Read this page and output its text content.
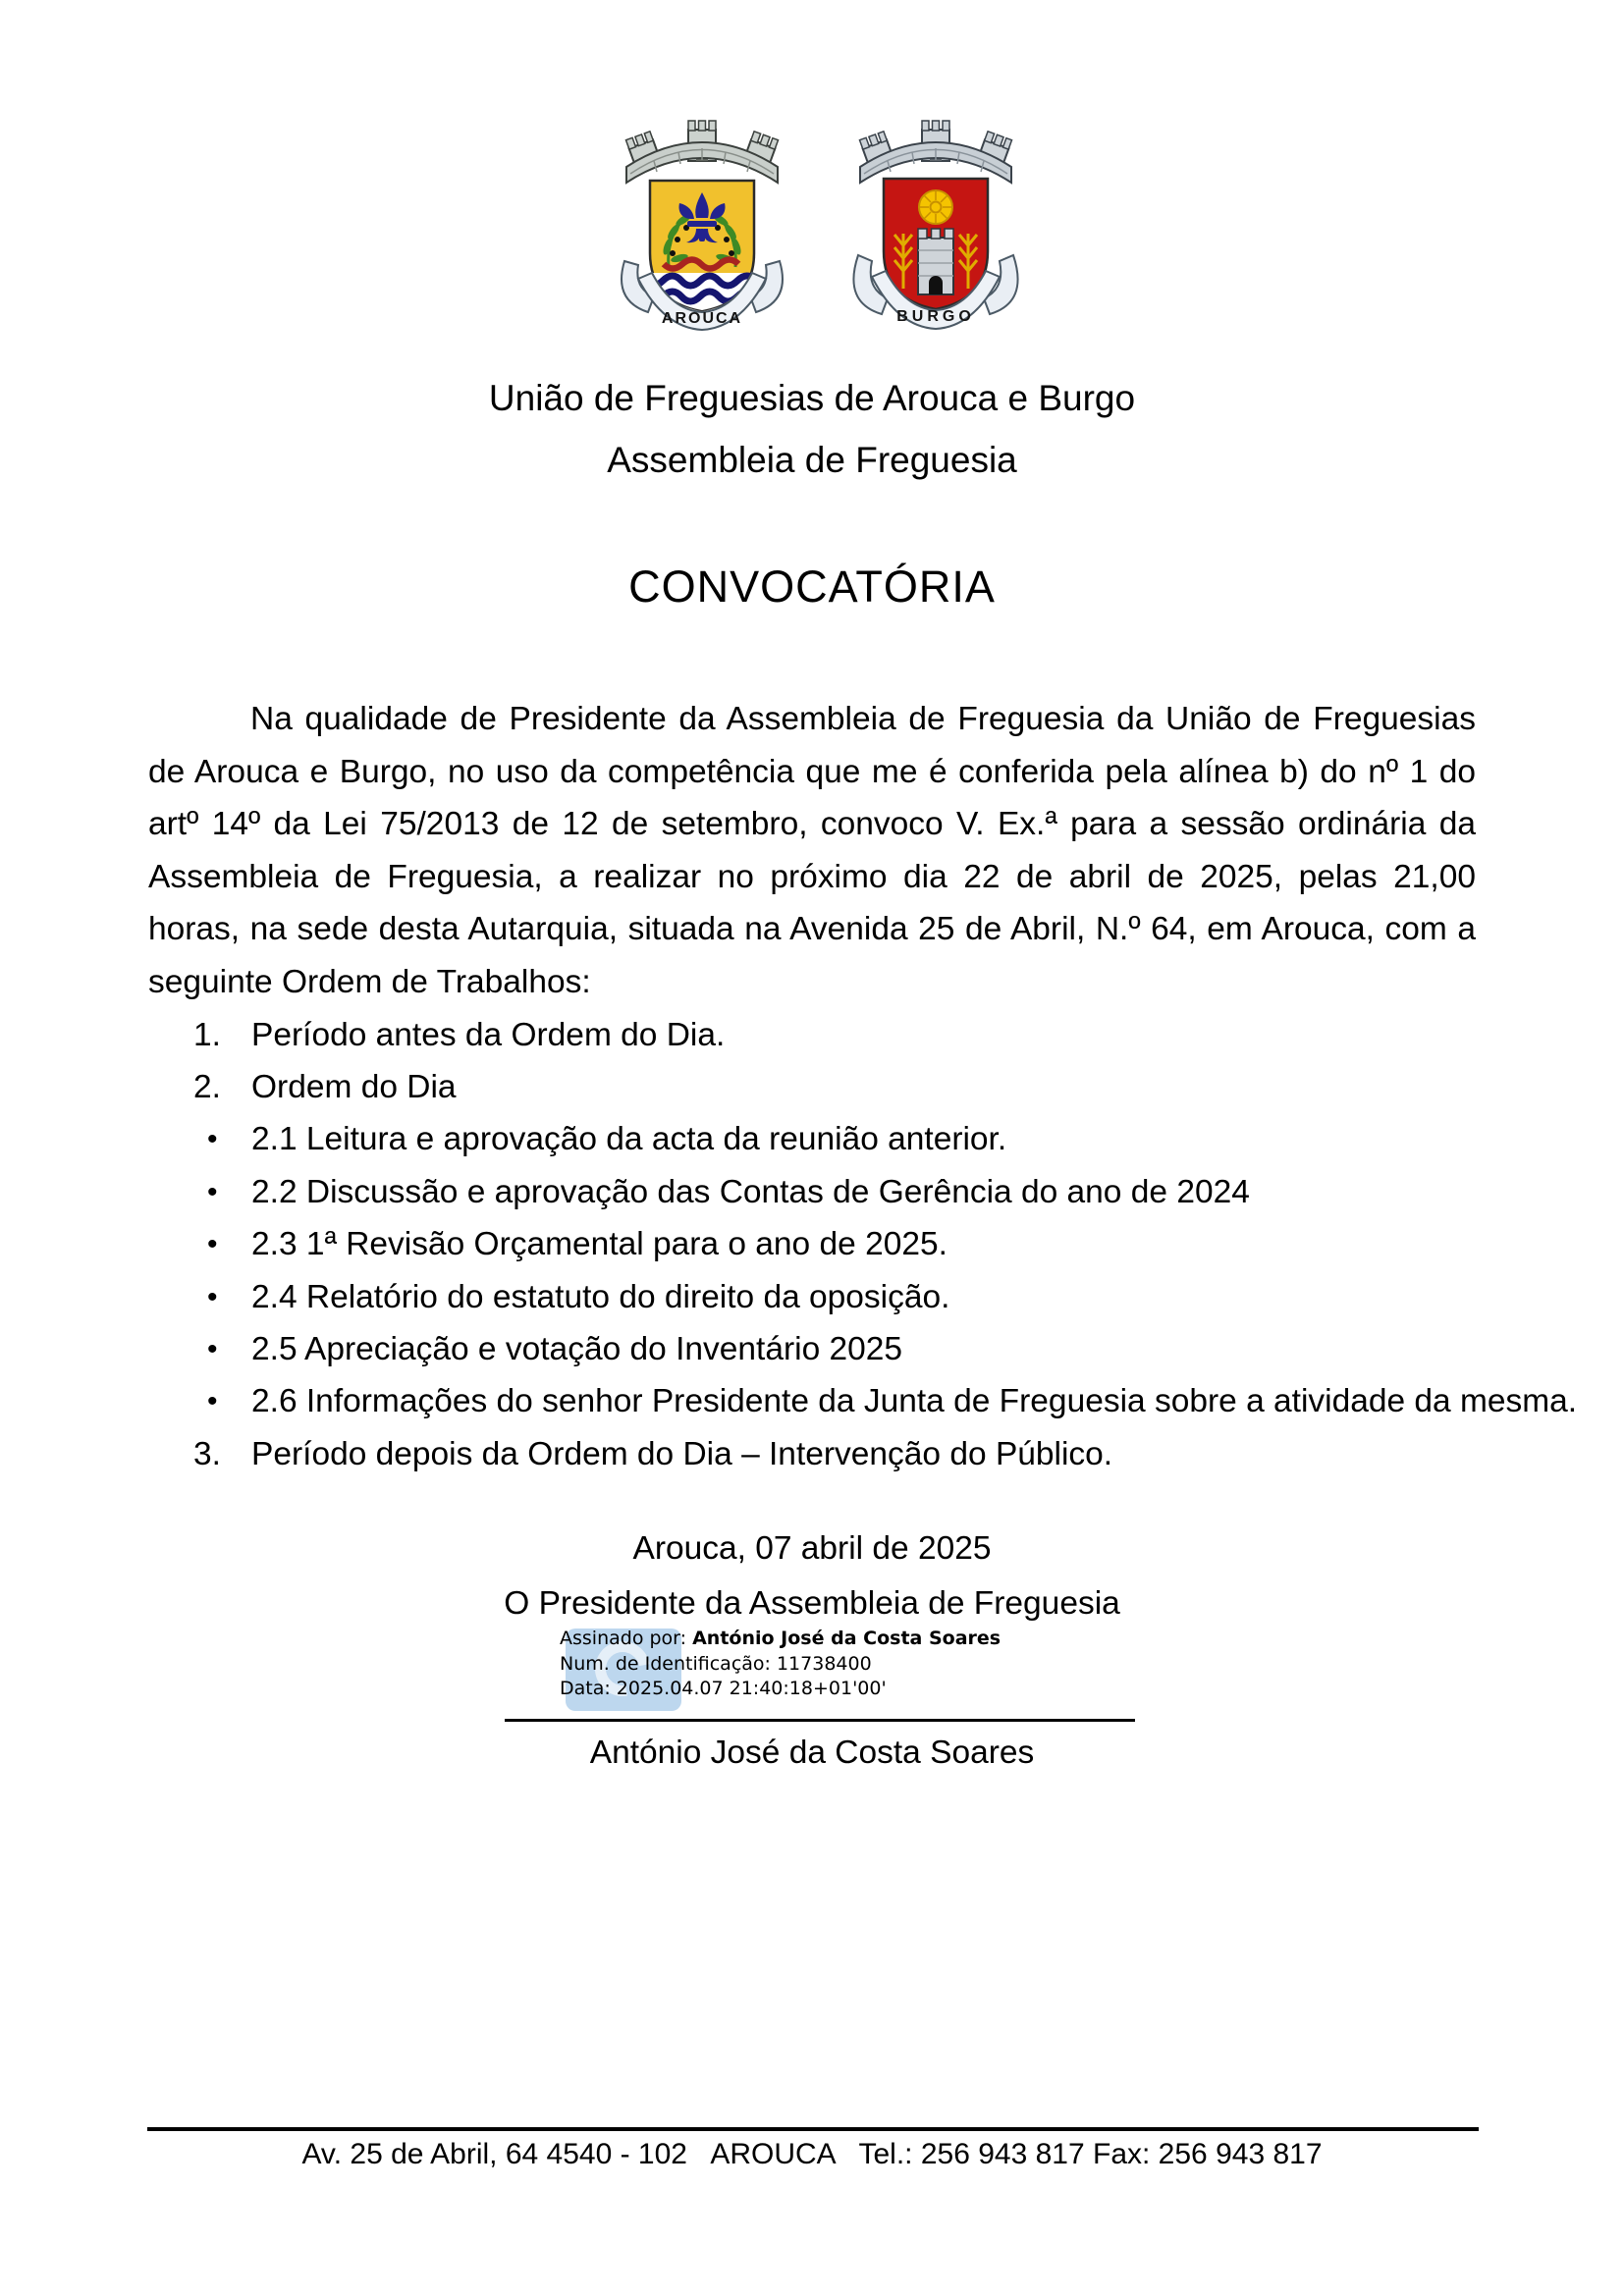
AROUCA	BURGO
União de Freguesias de Arouca e Burgo
Assembleia de Freguesia
CONVOCATÓRIA
Na qualidade de Presidente da Assembleia de Freguesia da União de Freguesias de Arouca e Burgo, no uso da competência que me é conferida pela alínea b) do nº 1 do artº 14º da Lei 75/2013 de 12 de setembro, convoco V. Ex.ª para a sessão ordinária da Assembleia de Freguesia, a realizar no próximo dia 22 de abril de 2025, pelas 21,00 horas, na sede desta Autarquia, situada na Avenida 25 de Abril, N.º 64, em Arouca, com a seguinte Ordem de Trabalhos:
1. Período antes da Ordem do Dia.
2. Ordem do Dia
•	2.1 Leitura e aprovação da acta da reunião anterior.
•	2.2 Discussão e aprovação das Contas de Gerência do ano de 2024
•	2.3 1ª Revisão Orçamental para o ano de 2025.
•	2.4 Relatório do estatuto do direito da oposição.
•	2.5 Apreciação e votação do Inventário 2025
•	2.6 Informações do senhor Presidente da Junta de Freguesia sobre a atividade da mesma.
3. Período depois da Ordem do Dia – Intervenção do Público.
Arouca, 07 abril de 2025
O Presidente da Assembleia de Freguesia
Assinado por: António José da Costa Soares
Num. de Identificação: 11738400
Data: 2025.04.07 21:40:18+01'00'
António José da Costa Soares
Av. 25 de Abril, 64 4540 - 102   AROUCA   Tel.: 256 943 817 Fax: 256 943 817
